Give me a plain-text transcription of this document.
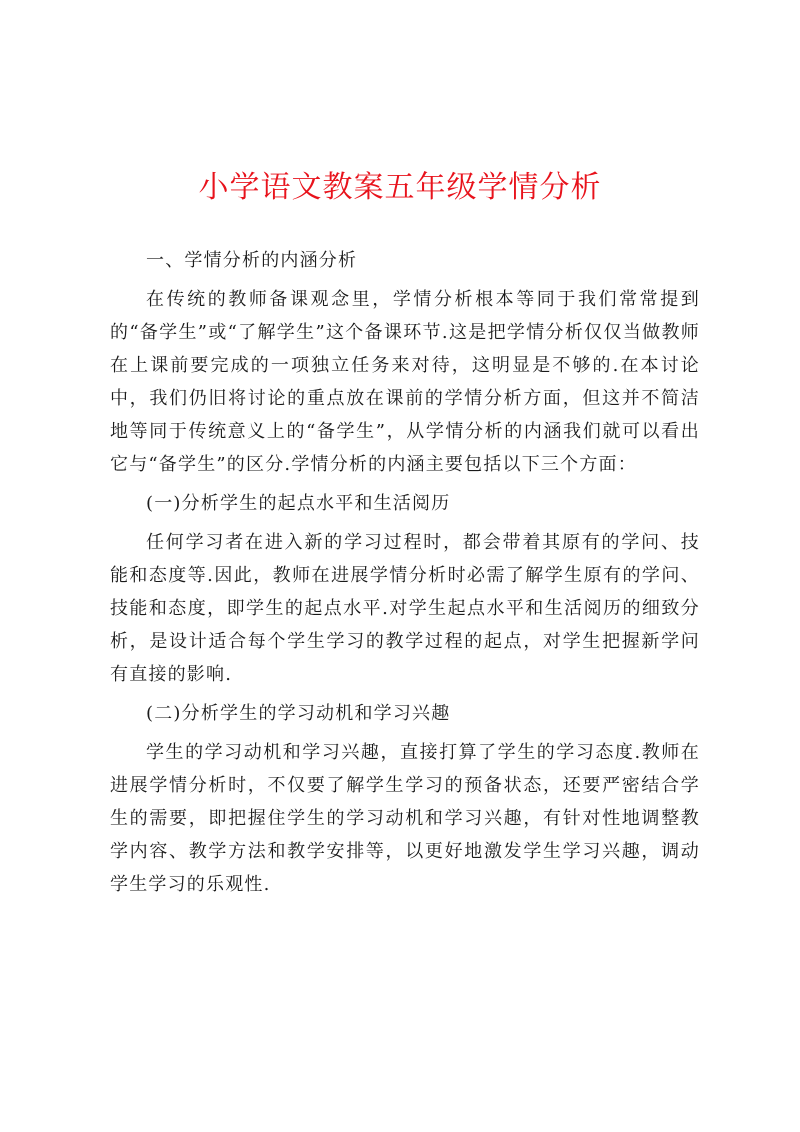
小学语文教案五年级学情分析

一、学情分析的内涵分析

在传统的教师备课观念里，学情分析根本等同于我们常常提到的“备学生”或“了解学生”这个备课环节.这是把学情分析仅仅当做教师在上课前要完成的一项独立任务来对待，这明显是不够的.在本讨论中，我们仍旧将讨论的重点放在课前的学情分析方面，但这并不简洁地等同于传统意义上的“备学生”，从学情分析的内涵我们就可以看出它与“备学生”的区分.学情分析的内涵主要包括以下三个方面：

(一)分析学生的起点水平和生活阅历

任何学习者在进入新的学习过程时，都会带着其原有的学问、技能和态度等.因此，教师在进展学情分析时必需了解学生原有的学问、技能和态度，即学生的起点水平.对学生起点水平和生活阅历的细致分析，是设计适合每个学生学习的教学过程的起点，对学生把握新学问有直接的影响.

(二)分析学生的学习动机和学习兴趣

学生的学习动机和学习兴趣，直接打算了学生的学习态度.教师在进展学情分析时，不仅要了解学生学习的预备状态，还要严密结合学生的需要，即把握住学生的学习动机和学习兴趣，有针对性地调整教学内容、教学方法和教学安排等，以更好地激发学生学习兴趣，调动学生学习的乐观性.
